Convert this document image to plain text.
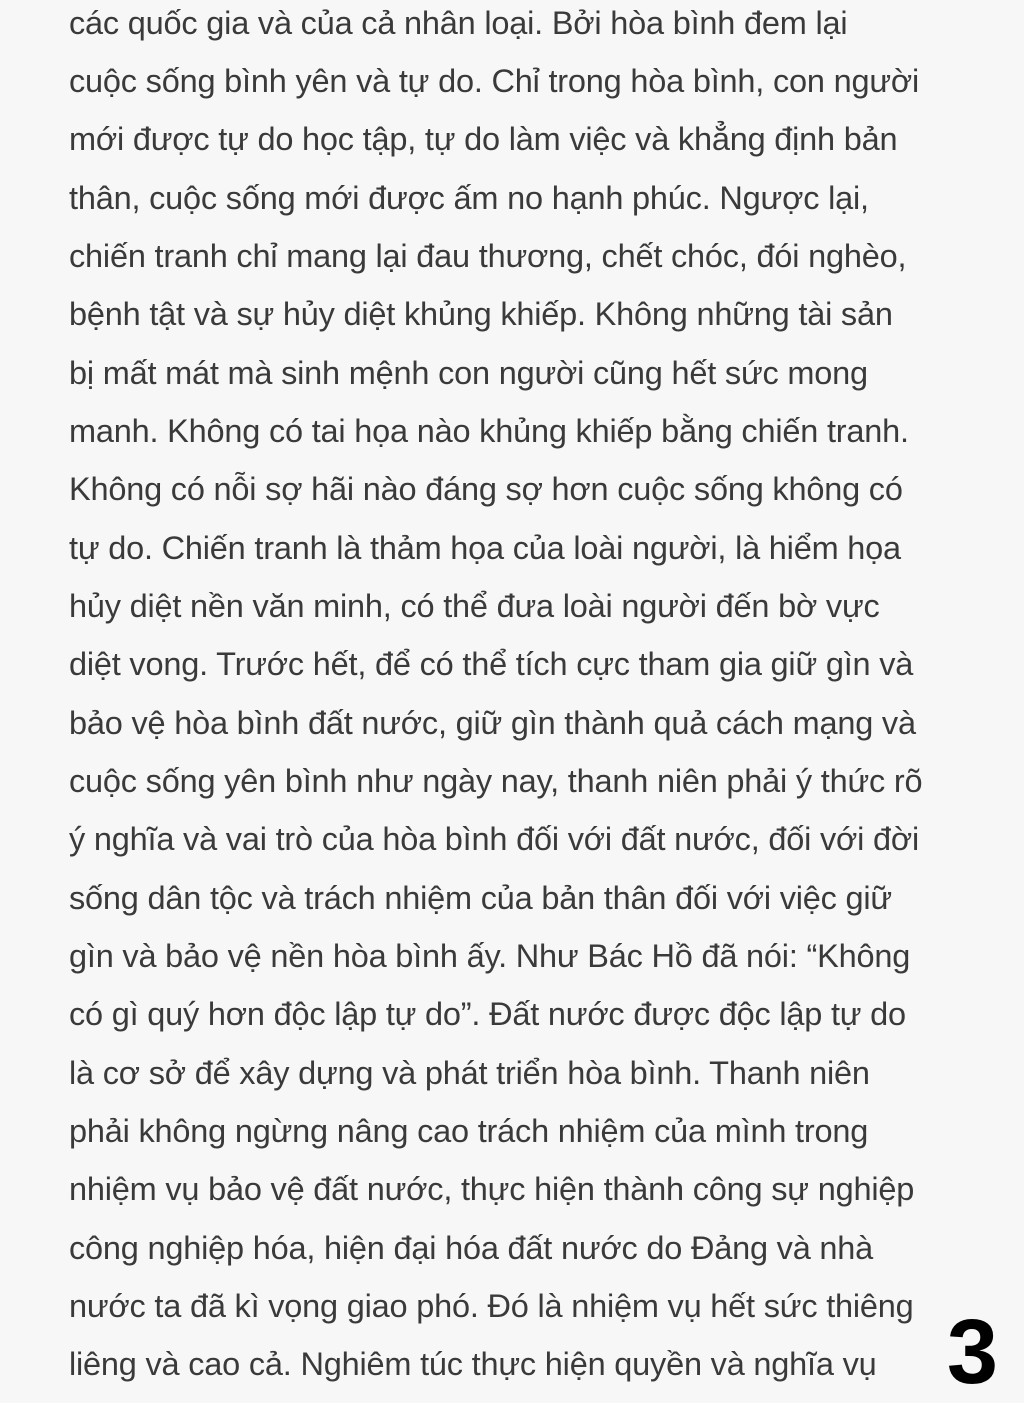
các quốc gia và của cả nhân loại. Bởi hòa bình đem lại
cuộc sống bình yên và tự do. Chỉ trong hòa bình, con người
mới được tự do học tập, tự do làm việc và khẳng định bản
thân, cuộc sống mới được ấm no hạnh phúc. Ngược lại,
chiến tranh chỉ mang lại đau thương, chết chóc, đói nghèo,
bệnh tật và sự hủy diệt khủng khiếp. Không những tài sản
bị mất mát mà sinh mệnh con người cũng hết sức mong
manh. Không có tai họa nào khủng khiếp bằng chiến tranh.
Không có nỗi sợ hãi nào đáng sợ hơn cuộc sống không có
tự do. Chiến tranh là thảm họa của loài người, là hiểm họa
hủy diệt nền văn minh, có thể đưa loài người đến bờ vực
diệt vong. Trước hết, để có thể tích cực tham gia giữ gìn và
bảo vệ hòa bình đất nước, giữ gìn thành quả cách mạng và
cuộc sống yên bình như ngày nay, thanh niên phải ý thức rõ
ý nghĩa và vai trò của hòa bình đối với đất nước, đối với đời
sống dân tộc và trách nhiệm của bản thân đối với việc giữ
gìn và bảo vệ nền hòa bình ấy. Như Bác Hồ đã nói: “Không
có gì quý hơn độc lập tự do”. Đất nước được độc lập tự do
là cơ sở để xây dựng và phát triển hòa bình. Thanh niên
phải không ngừng nâng cao trách nhiệm của mình trong
nhiệm vụ bảo vệ đất nước, thực hiện thành công sự nghiệp
công nghiệp hóa, hiện đại hóa đất nước do Đảng và nhà
nước ta đã kì vọng giao phó. Đó là nhiệm vụ hết sức thiêng
liêng và cao cả. Nghiêm túc thực hiện quyền và nghĩa vụ 3
